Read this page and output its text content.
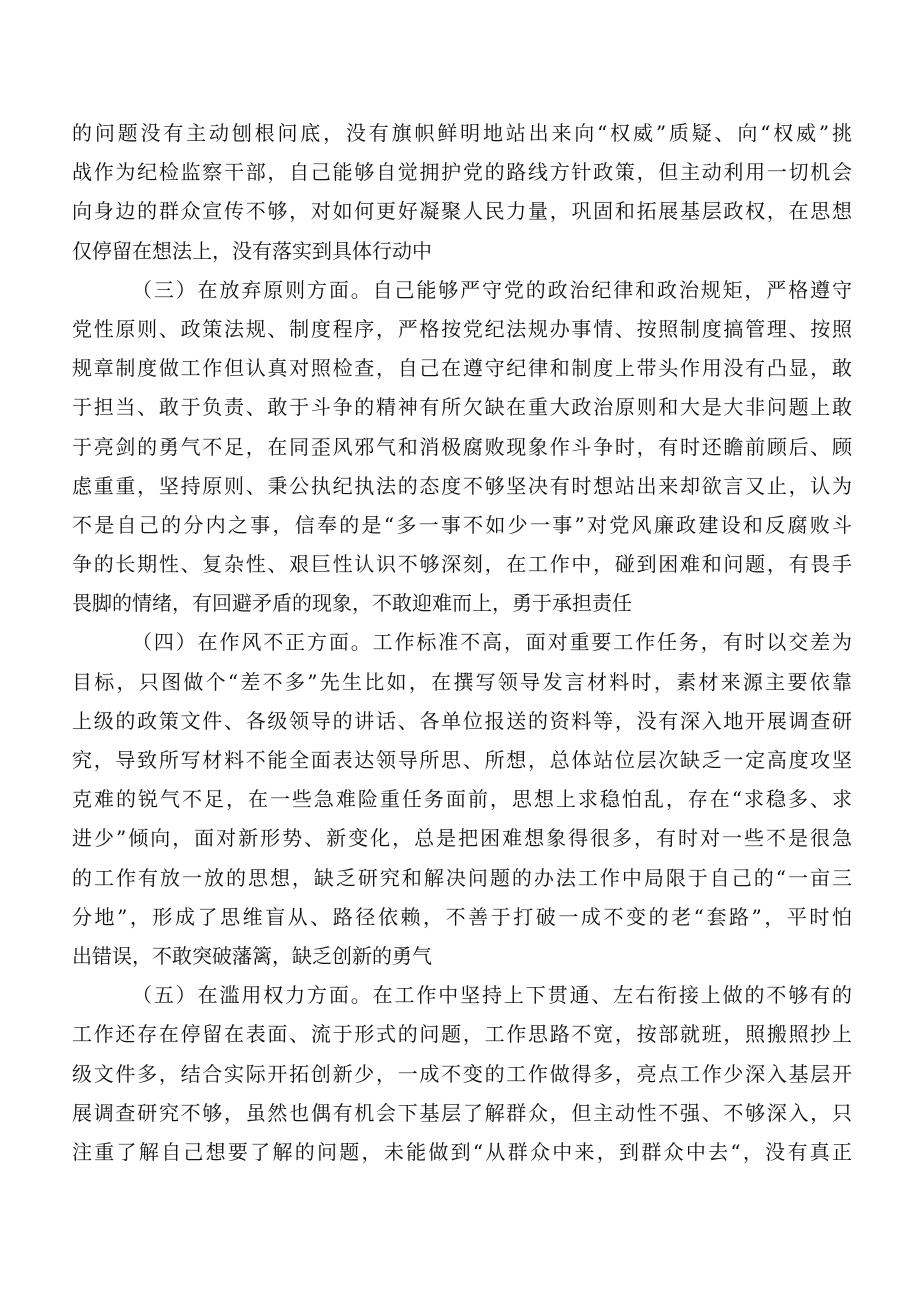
的问题没有主动刨根问底，没有旗帜鲜明地站出来向“权威”质疑、向“权威”挑
战作为纪检监察干部，自己能够自觉拥护党的路线方针政策，但主动利用一切机会
向身边的群众宣传不够，对如何更好凝聚人民力量，巩固和拓展基层政权，在思想
仅停留在想法上，没有落实到具体行动中
（三）在放弃原则方面。自己能够严守党的政治纪律和政治规矩，严格遵守
党性原则、政策法规、制度程序，严格按党纪法规办事情、按照制度搞管理、按照
规章制度做工作但认真对照检查，自己在遵守纪律和制度上带头作用没有凸显，敢
于担当、敢于负责、敢于斗争的精神有所欠缺在重大政治原则和大是大非问题上敢
于亮剑的勇气不足，在同歪风邪气和消极腐败现象作斗争时，有时还瞻前顾后、顾
虑重重，坚持原则、秉公执纪执法的态度不够坚决有时想站出来却欲言又止，认为
不是自己的分内之事，信奉的是“多一事不如少一事”对党风廉政建设和反腐败斗
争的长期性、复杂性、艰巨性认识不够深刻，在工作中，碰到困难和问题，有畏手
畏脚的情绪，有回避矛盾的现象，不敢迎难而上，勇于承担责任
（四）在作风不正方面。工作标准不高，面对重要工作任务，有时以交差为
目标，只图做个“差不多”先生比如，在撰写领导发言材料时，素材来源主要依靠
上级的政策文件、各级领导的讲话、各单位报送的资料等，没有深入地开展调查研
究，导致所写材料不能全面表达领导所思、所想，总体站位层次缺乏一定高度攻坚
克难的锐气不足，在一些急难险重任务面前，思想上求稳怕乱，存在“求稳多、求
进少”倾向，面对新形势、新变化，总是把困难想象得很多，有时对一些不是很急
的工作有放一放的思想，缺乏研究和解决问题的办法工作中局限于自己的“一亩三
分地”，形成了思维盲从、路径依赖，不善于打破一成不变的老“套路”，平时怕
出错误，不敢突破藩篱，缺乏创新的勇气
（五）在滥用权力方面。在工作中坚持上下贯通、左右衔接上做的不够有的
工作还存在停留在表面、流于形式的问题，工作思路不宽，按部就班，照搬照抄上
级文件多，结合实际开拓创新少，一成不变的工作做得多，亮点工作少深入基层开
展调查研究不够，虽然也偶有机会下基层了解群众，但主动性不强、不够深入，只
注重了解自己想要了解的问题，未能做到“从群众中来，到群众中去“，没有真正
